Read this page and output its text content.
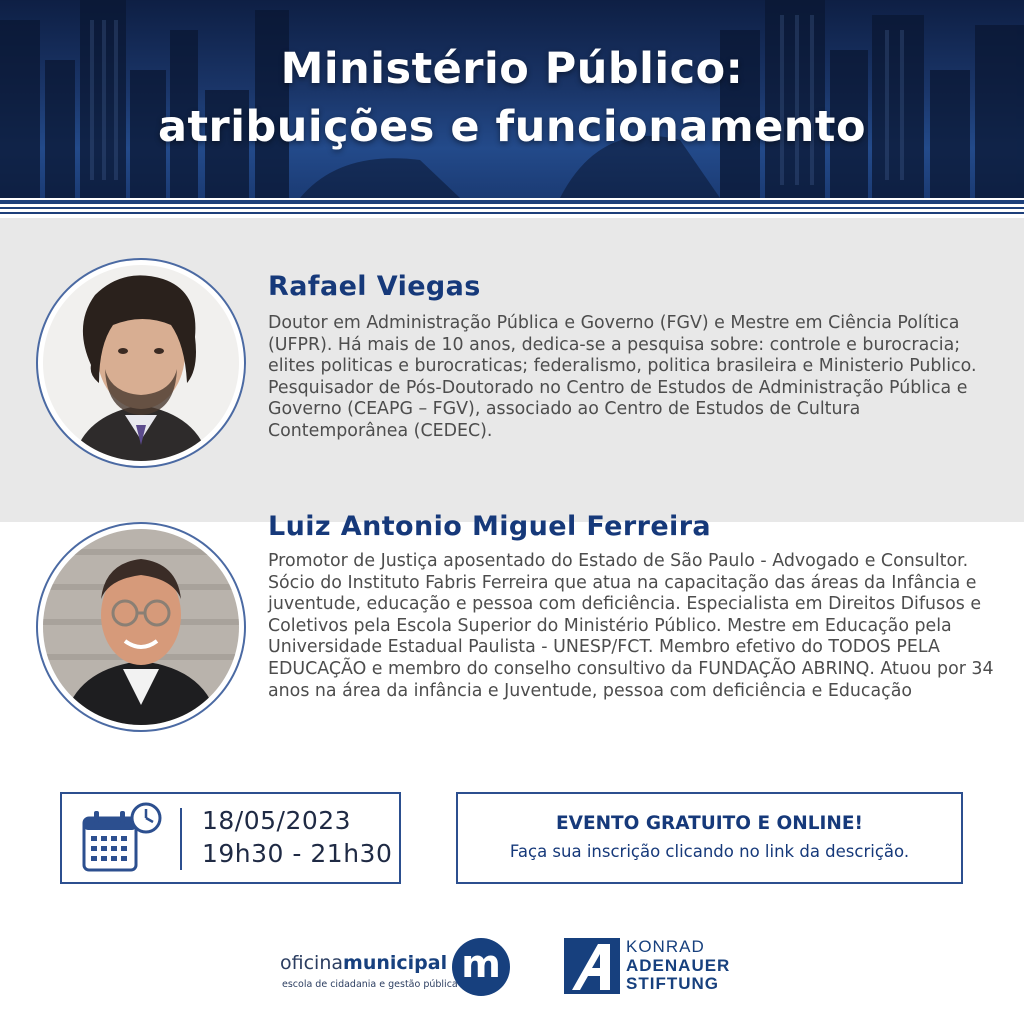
Ministério Público:
atribuições e funcionamento
Rafael Viegas
Doutor em Administração Pública e Governo (FGV) e Mestre em Ciência Política (UFPR). Há mais de 10 anos, dedica-se a pesquisa sobre: controle e burocracia; elites politicas e burocraticas; federalismo, politica brasileira e Ministerio Publico. Pesquisador de Pós-Doutorado no Centro de Estudos de Administração Pública e Governo (CEAPG – FGV), associado ao Centro de Estudos de Cultura Contemporânea (CEDEC).
Luiz Antonio Miguel Ferreira
Promotor de Justiça aposentado do Estado de São Paulo - Advogado e Consultor. Sócio do Instituto Fabris Ferreira que atua na capacitação das áreas da Infância e juventude, educação e pessoa com deficiência. Especialista em Direitos Difusos e Coletivos pela Escola Superior do Ministério Público. Mestre em Educação pela Universidade Estadual Paulista - UNESP/FCT. Membro efetivo do TODOS PELA EDUCAÇÃO e membro do conselho consultivo da FUNDAÇÃO ABRINQ. Atuou por 34 anos na área da infância e Juventude, pessoa com deficiência e Educação
18/05/2023
19h30 - 21h30
EVENTO GRATUITO E ONLINE!
Faça sua inscrição clicando no link da descrição.
oficinamunicipal
escola de cidadania e gestão pública m	KONRAD
ADENAUER
STIFTUNG
